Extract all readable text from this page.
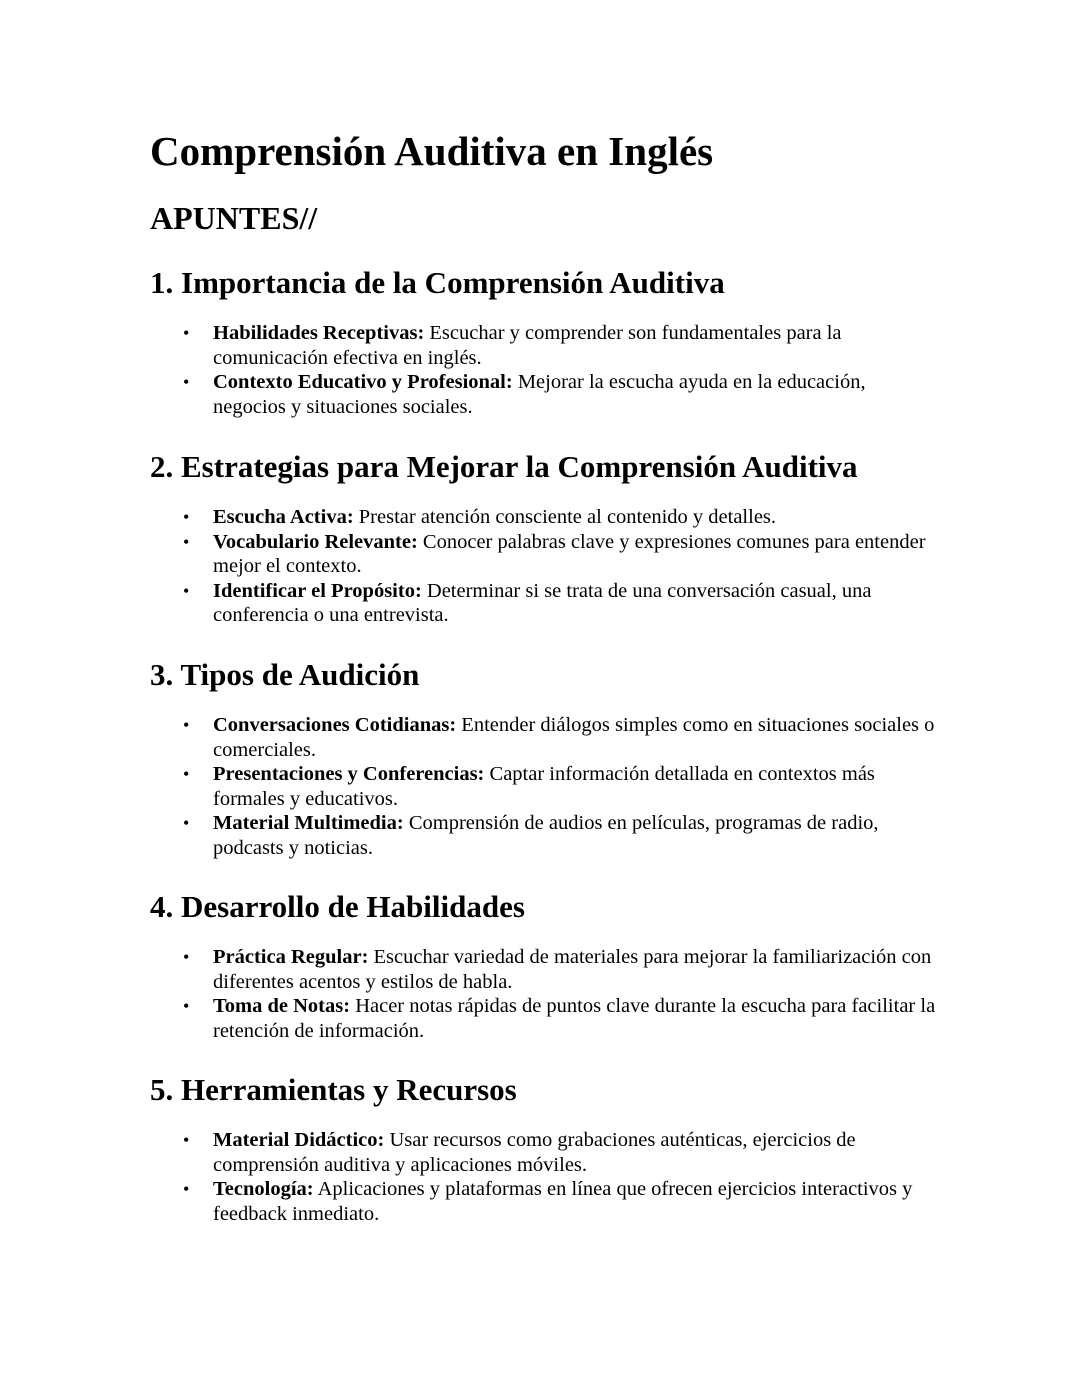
Comprensión Auditiva en Inglés
APUNTES//
1. Importancia de la Comprensión Auditiva
• Habilidades Receptivas: Escuchar y comprender son fundamentales para la comunicación efectiva en inglés.
• Contexto Educativo y Profesional: Mejorar la escucha ayuda en la educación, negocios y situaciones sociales.
2. Estrategias para Mejorar la Comprensión Auditiva
• Escucha Activa: Prestar atención consciente al contenido y detalles.
• Vocabulario Relevante: Conocer palabras clave y expresiones comunes para entender mejor el contexto.
• Identificar el Propósito: Determinar si se trata de una conversación casual, una conferencia o una entrevista.
3. Tipos de Audición
• Conversaciones Cotidianas: Entender diálogos simples como en situaciones sociales o comerciales.
• Presentaciones y Conferencias: Captar información detallada en contextos más formales y educativos.
• Material Multimedia: Comprensión de audios en películas, programas de radio, podcasts y noticias.
4. Desarrollo de Habilidades
• Práctica Regular: Escuchar variedad de materiales para mejorar la familiarización con diferentes acentos y estilos de habla.
• Toma de Notas: Hacer notas rápidas de puntos clave durante la escucha para facilitar la retención de información.
5. Herramientas y Recursos
• Material Didáctico: Usar recursos como grabaciones auténticas, ejercicios de comprensión auditiva y aplicaciones móviles.
• Tecnología: Aplicaciones y plataformas en línea que ofrecen ejercicios interactivos y feedback inmediato.
